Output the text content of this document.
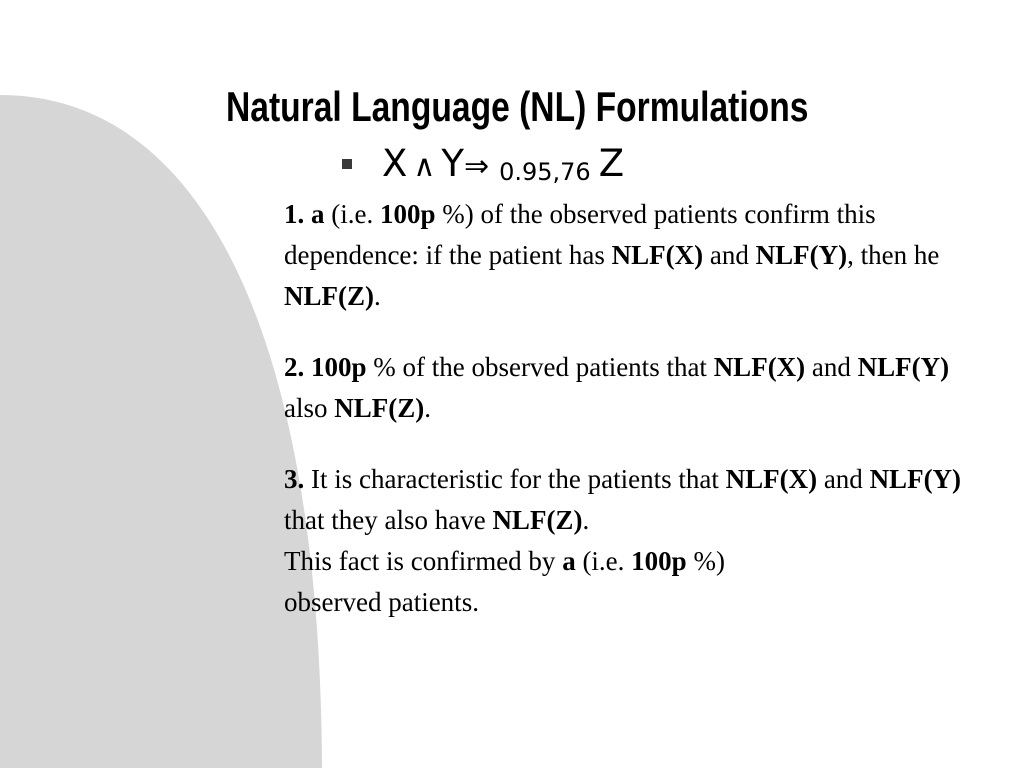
Natural Language (NL) Formulations
X ∧ Y⇒ 0.95,76 Z

1. a (i.e. 100p %) of the observed patients confirm this dependence: if the patient has NLF(X) and NLF(Y), then he NLF(Z).

2. 100p % of the observed patients that NLF(X) and NLF(Y) also NLF(Z).

3. It is characteristic for the patients that NLF(X) and NLF(Y) that they also have NLF(Z).
This fact is confirmed by a (i.e. 100p %)
observed patients.
